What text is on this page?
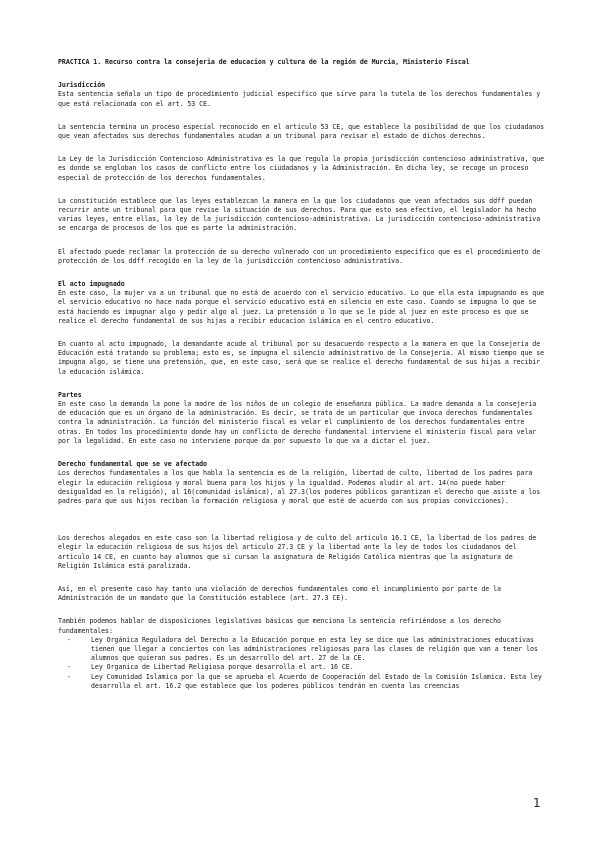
PRACTICA 1. Recurso contra la consejeria de educacion y cultura de la región de Murcia, Ministerio Fiscal
Jurisdicción

Esta sentencia señala un tipo de procedimiento judicial especifico que sirve para la tutela de los derechos fundamentales y que está relacionada con el art. 53 CE.

La sentencia termina un proceso especial reconocido en el articulo 53 CE, que establece la posibilidad de que los ciudadanos que vean afectados sus derechos fundamentales acudan a un tribunal para revisar el estado de dichos derechos.

La Ley de la Jurisdicción Contencioso Administrativa es la que regula la propia jurisdicción contencioso administrativa, que es donde se engloban los casos de conflicto entre los ciudadanos y la Administración. En dicha ley, se recoge un proceso especial de protección de los derechos fundamentales.

La constitución establece que las leyes establezcan la manera en la que los ciudadanos que vean afectados sus ddff puedan recurrir ante un tribunal para que revise la situación de sus derechos. Para que esto sea efectivo, el legislador ha hecho varias leyes, entre ellas, la ley de la jurisdicción contencioso-administrativa. La jurisdicción contencioso-administrativa se encarga de procesos de los que es parte la administración.

El afectado puede reclamar la protección de su derecho vulnerado con un procedimiento especifico que es el procedimiento de protección de los ddff recogido en la ley de la jurisdicción contencioso administrativa.

El acto impugnado

En este caso, la mujer va a un tribunal que no está de acuerdo con el servicio educativo. Lo que ella esta impugnando es que el servicio educativo no hace nada porque el servicio educativo está en silencio en este caso. Cuando se impugna lo que se está haciendo es impugnar algo y pedir algo al juez. La pretensión o lo que se le pide al juez en este proceso es que se realice el derecho fundamental de sus hijas a recibir educacion islámica en el centro educativo.

En cuanto al acto impugnado, la demandante acude al tribunal por su desacuerdo respecto a la manera en que la Consejeria de Educación está tratando su problema; esto es, se impugna el silencio administrativo de la Consejeria. Al mismo tiempo que se impugna algo, se tiene una pretensión, que, en este caso, será que se realice el derecho fundamental de sus hijas a recibir la educación islámica.

Partes

En este caso la demanda la pone la madre de los niños de un colegio de enseñanza pública. La madre demanda a la consejeria de educación que es un órgano de la administración. Es decir, se trata de un particular que invoca derechos fundamentales contra la administración. La función del ministerio fiscal es velar el cumplimiento de los derechos fundamentales entre otras. En todos los procedimiento donde hay un conflicto de derecho fundamental interviene el ministerio fiscal para velar por la legalidad. En este caso no interviene porque da por supuesto lo que va a dictar el juez.

Derecho fundamental que se ve afectado

Los derechos fundamentales a los que habla la sentencia es de la religión, libertad de culto, libertad de los padres para elegir la educación religiosa y moral buena para los hijos y la igualdad. Podemos aludir al art. 14(no puede haber desigualdad en la religión), al 16(comunidad islámica), al 27.3(los poderes públicos garantizan el derecho que asiste a los padres para que sus hijos reciban la formación religiosa y moral que esté de acuerdo con sus propias convicciones).

Los derechos alegados en este caso son la libertad religiosa y de culto del articulo 16.1 CE, la libertad de los padres de elegir la educación religiosa de sus hijos del articulo 27.3 CE y la libertad ante la ley de todos los ciudadanos del articulo 14 CE, en cuanto hay alumnos que si cursan la asignatura de Religión Católica mientras que la asignatura de Religión Islámica está paralizada.

Así, en el presente caso hay tanto una violación de derechos fundamentales como el incumplimiento por parte de la Administración de un mandato que la Constitución establece (art. 27.3 CE).

También podemos hablar de disposiciones legislativas básicas que menciona la sentencia refiriéndose a los derecho fundamentales:

-	Ley Orgánica Reguladora del Derecho a la Educación porque en esta ley se dice que las administraciones educativas tienen que llegar a conciertos con las administraciones religiosas para las clases de religión que van a tener los alumnos que quieran sus padres. Es un desarrollo del art. 27 de la CE.
-	Ley Organica de Libertad Religiosa porque desarrolla el art. 16 CE.
-	Ley Comunidad Islamica por la que se aprueba el Acuerdo de Cooperación del Estado de la Comisión Islamica. Esta ley desarrolla el art. 16.2 que establece que los poderes públicos tendrán en cuenta las creencias
1
